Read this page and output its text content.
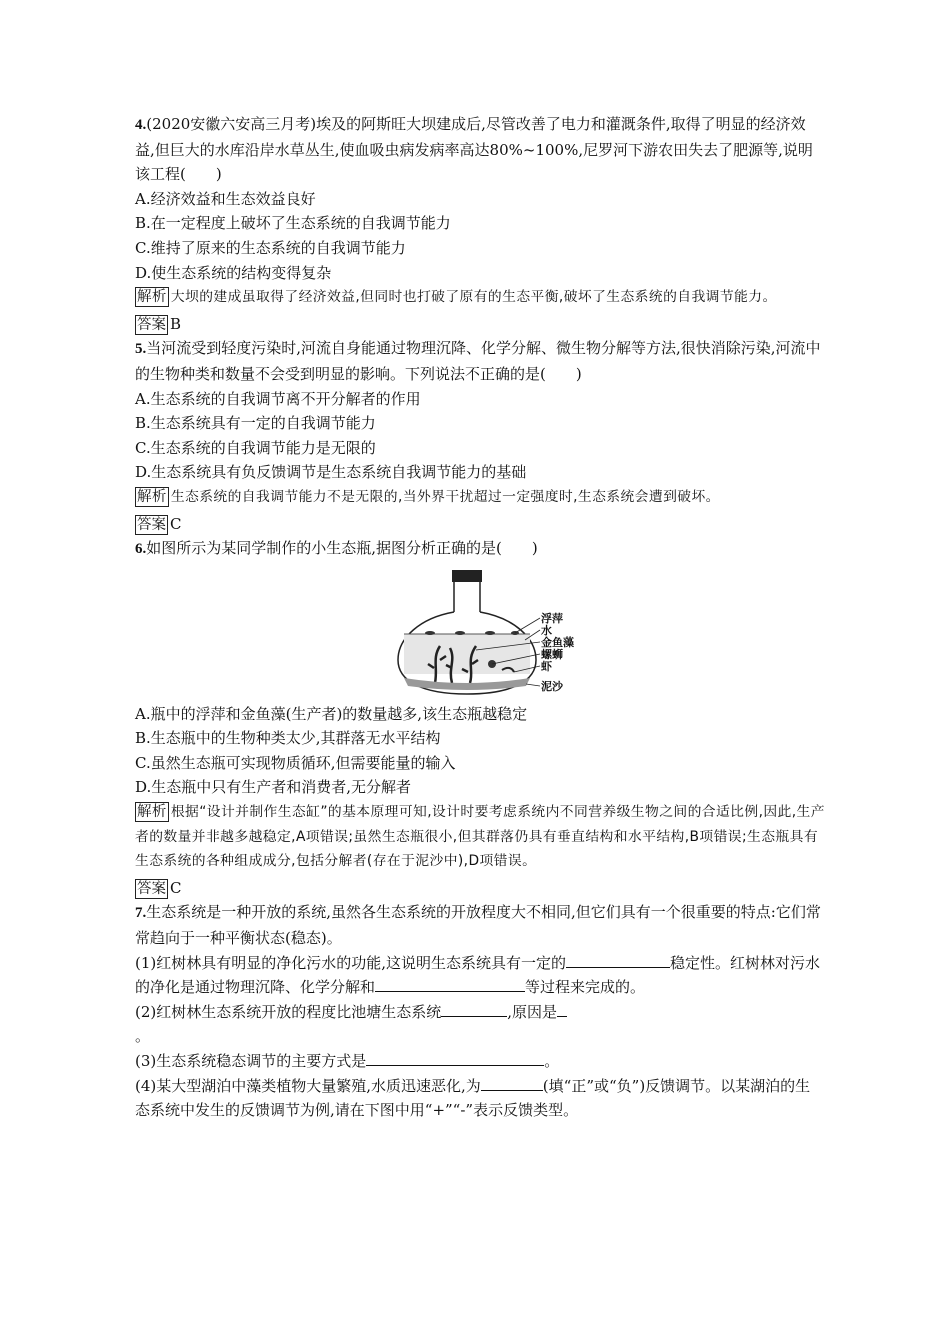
4.(2020安徽六安高三月考)埃及的阿斯旺大坝建成后,尽管改善了电力和灌溉条件,取得了明显的经济效益,但巨大的水库沿岸水草丛生,使血吸虫病发病率高达80%~100%,尼罗河下游农田失去了肥源等,说明该工程(　　)

A.经济效益和生态效益良好

B.在一定程度上破坏了生态系统的自我调节能力

C.维持了原来的生态系统的自我调节能力

D.使生态系统的结构变得复杂

解析 大坝的建成虽取得了经济效益,但同时也打破了原有的生态平衡,破坏了生态系统的自我调节能力。

答案 B

5.当河流受到轻度污染时,河流自身能通过物理沉降、化学分解、微生物分解等方法,很快消除污染,河流中的生物种类和数量不会受到明显的影响。下列说法不正确的是(　　)

A.生态系统的自我调节离不开分解者的作用

B.生态系统具有一定的自我调节能力

C.生态系统的自我调节能力是无限的

D.生态系统具有负反馈调节是生态系统自我调节能力的基础

解析 生态系统的自我调节能力不是无限的,当外界干扰超过一定强度时,生态系统会遭到破坏。

答案 C

6.如图所示为某同学制作的小生态瓶,据图分析正确的是(　　)

浮萍
水
金鱼藻
螺蛳
虾
泥沙

A.瓶中的浮萍和金鱼藻(生产者)的数量越多,该生态瓶越稳定

B.生态瓶中的生物种类太少,其群落无水平结构

C.虽然生态瓶可实现物质循环,但需要能量的输入

D.生态瓶中只有生产者和消费者,无分解者

解析 根据“设计并制作生态缸”的基本原理可知,设计时要考虑系统内不同营养级生物之间的合适比例,因此,生产者的数量并非越多越稳定,A项错误;虽然生态瓶很小,但其群落仍具有垂直结构和水平结构,B项错误;生态瓶具有生态系统的各种组成成分,包括分解者(存在于泥沙中),D项错误。

答案 C

7.生态系统是一种开放的系统,虽然各生态系统的开放程度大不相同,但它们具有一个很重要的特点:它们常常趋向于一种平衡状态(稳态)。

(1)红树林具有明显的净化污水的功能,这说明生态系统具有一定的	稳定性。红树林对污水的净化是通过物理沉降、化学分解和	等过程来完成的。

(2)红树林生态系统开放的程度比池塘生态系统	,原因是
。

(3)生态系统稳态调节的主要方式是	。

(4)某大型湖泊中藻类植物大量繁殖,水质迅速恶化,为	(填“正”或“负”)反馈调节。以某湖泊的生态系统中发生的反馈调节为例,请在下图中用“+”“-”表示反馈类型。
